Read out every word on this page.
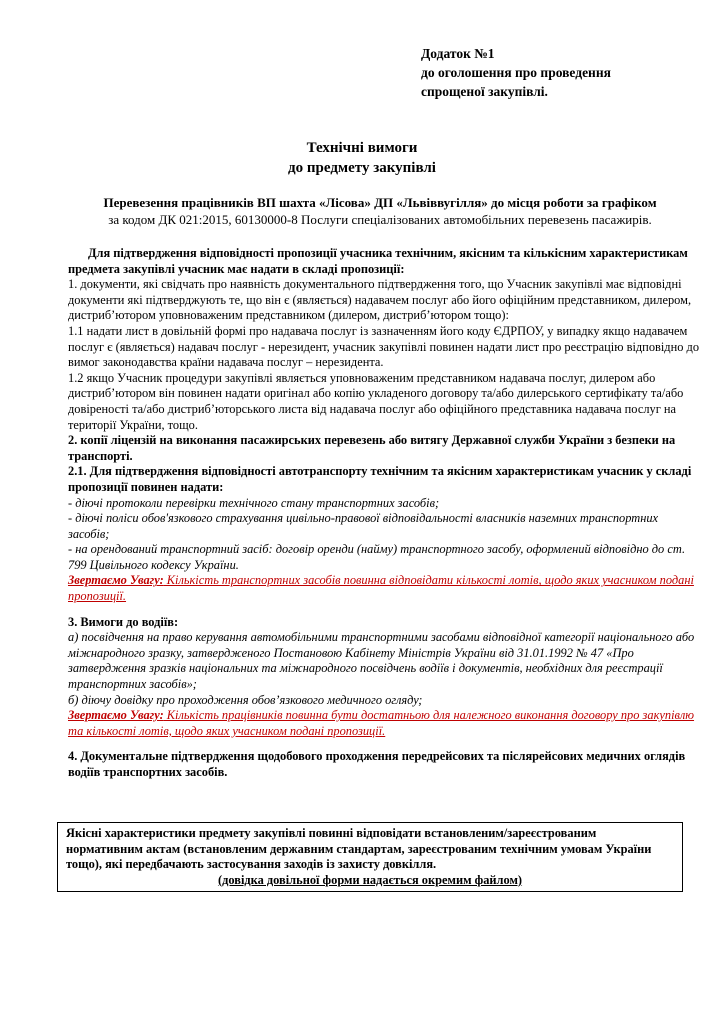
Додаток №1
до оголошення про проведення
спрощеної закупівлі.
Технічні вимоги
до предмету закупівлі
Перевезення працівників ВП шахта «Лісова» ДП «Львіввугілля» до місця роботи за графіком
за кодом ДК 021:2015, 60130000-8 Послуги спеціалізованих автомобільних перевезень пасажирів.

Для підтвердження відповідності пропозиції учасника технічним, якісним та кількісним характеристикам предмета закупівлі учасник має надати в складі пропозиції:

1. документи, які свідчать про наявність документального підтвердження того, що Учасник закупівлі має відповідні документи які підтверджують те, що він є (являється) надавачем послуг або його офіційним представником, дилером, дистриб’ютором уповноваженим представником (дилером, дистриб’ютором тощо):

1.1 надати лист в довільній формі про надавача послуг із зазначенням його коду ЄДРПОУ, у випадку якщо надавачем послуг є (являється) надавач послуг - нерезидент, учасник закупівлі повинен надати лист про реєстрацію відповідно до вимог законодавства країни надавача послуг – нерезидента.

1.2 якщо Учасник процедури закупівлі являється уповноваженим представником надавача послуг, дилером або дистриб’ютором він повинен надати оригінал або копію укладеного договору та/або дилерського сертифікату та/або довіреності та/або дистриб’юторського листа від надавача послуг або офіційного представника надавача послуг на території України, тощо.

2. копії ліцензій на виконання пасажирських перевезень або витягу Державної служби України з безпеки на транспорті.

2.1. Для підтвердження відповідності автотранспорту технічним та якісним характеристикам учасник у складі пропозиції повинен надати:

- діючі протоколи перевірки технічного стану транспортних засобів;

- діючі поліси обов'язкового страхування цивільно-правової відповідальності власників наземних транспортних засобів;

- на орендований транспортний засіб: договір оренди (найму) транспортного засобу, оформлений відповідно до ст. 799 Цивільного кодексу України.

Звертаємо Увагу: Кількість транспортних засобів повинна відповідати кількості лотів, щодо яких учасником подані пропозиції.

3. Вимоги до водіїв:

а) посвідчення на право керування автомобільними транспортними засобами відповідної категорії національного або міжнародного зразку, затвердженого Постановою Кабінету Міністрів України від 31.01.1992 № 47 «Про затвердження зразків національних та міжнародного посвідчень водіїв і документів, необхідних для реєстрації транспортних засобів»;

б) діючу довідку про проходження обов’язкового медичного огляду;

Звертаємо Увагу: Кількість працівників повинна бути достатньою для належного виконання договору про закупівлю та кількості лотів, щодо яких учасником подані пропозиції.

4. Документальне підтвердження щодобового проходження передрейсових та післярейсових медичних оглядів водіїв транспортних засобів.

Якісні характеристики предмету закупівлі повинні відповідати встановленим/зареєстрованим нормативним актам (встановленим державним стандартам, зареєстрованим технічним умовам України тощо), які передбачають застосування заходів із захисту довкілля.
(довідка довільної форми надається окремим файлом)
